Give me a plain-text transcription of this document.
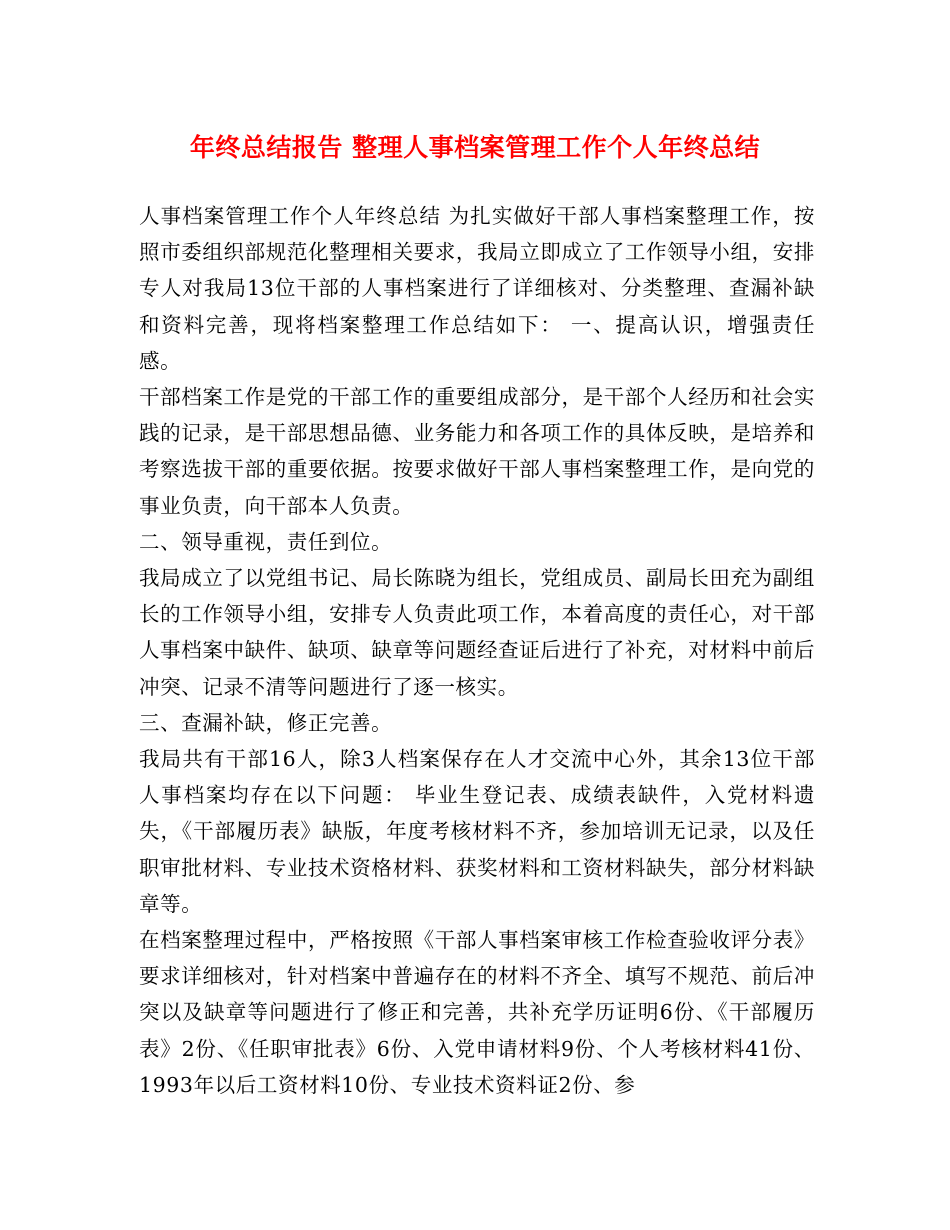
年终总结报告 整理人事档案管理工作个人年终总结

人事档案管理工作个人年终总结 为扎实做好干部人事档案整理工作，按照市委组织部规范化整理相关要求，我局立即成立了工作领导小组，安排专人对我局13位干部的人事档案进行了详细核对、分类整理、查漏补缺和资料完善，现将档案整理工作总结如下： 一、提高认识，增强责任感。

干部档案工作是党的干部工作的重要组成部分，是干部个人经历和社会实践的记录，是干部思想品德、业务能力和各项工作的具体反映，是培养和考察选拔干部的重要依据。按要求做好干部人事档案整理工作，是向党的事业负责，向干部本人负责。

二、领导重视，责任到位。

我局成立了以党组书记、局长陈晓为组长，党组成员、副局长田充为副组长的工作领导小组，安排专人负责此项工作，本着高度的责任心，对干部人事档案中缺件、缺项、缺章等问题经查证后进行了补充，对材料中前后冲突、记录不清等问题进行了逐一核实。

三、查漏补缺，修正完善。

我局共有干部16人，除3人档案保存在人才交流中心外，其余13位干部人事档案均存在以下问题： 毕业生登记表、成绩表缺件，入党材料遗失，《干部履历表》缺版，年度考核材料不齐，参加培训无记录，以及任职审批材料、专业技术资格材料、获奖材料和工资材料缺失，部分材料缺章等。

在档案整理过程中，严格按照《干部人事档案审核工作检查验收评分表》要求详细核对，针对档案中普遍存在的材料不齐全、填写不规范、前后冲突以及缺章等问题进行了修正和完善，共补充学历证明6份、《干部履历表》2份、《任职审批表》6份、入党申请材料9份、个人考核材料41份、1993年以后工资材料10份、专业技术资料证2份、参
